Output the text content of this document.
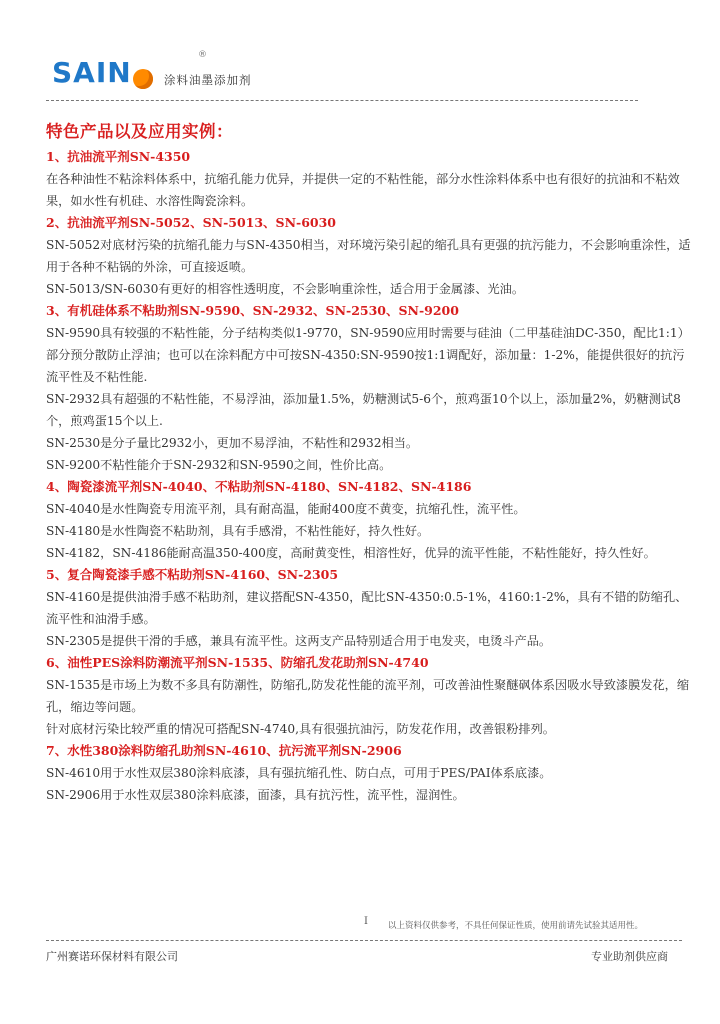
SAIN
®
涂料油墨添加剂
特色产品以及应用实例：
1、抗油流平剂SN-4350
在各种油性不粘涂料体系中，抗缩孔能力优异，并提供一定的不粘性能，部分水性涂料体系中也有很好的抗油和不粘效果，如水性有机硅、水溶性陶瓷涂料。
2、抗油流平剂SN-5052、SN-5013、SN-6030
SN-5052对底材污染的抗缩孔能力与SN-4350相当，对环境污染引起的缩孔具有更强的抗污能力，不会影响重涂性，适用于各种不粘锅的外涂，可直接返喷。
SN-5013/SN-6030有更好的相容性透明度，不会影响重涂性，适合用于金属漆、光油。
3、有机硅体系不粘助剂SN-9590、SN-2932、SN-2530、SN-9200
SN-9590具有较强的不粘性能，分子结构类似1-9770，SN-9590应用时需要与硅油（二甲基硅油DC-350，配比1:1）部分预分散防止浮油；也可以在涂料配方中可按SN-4350:SN-9590按1:1调配好，添加量：1-2%，能提供很好的抗污流平性及不粘性能.
SN-2932具有超强的不粘性能，不易浮油，添加量1.5%，奶糖测试5-6个，煎鸡蛋10个以上，添加量2%，奶糖测试8个，煎鸡蛋15个以上.
SN-2530是分子量比2932小，更加不易浮油，不粘性和2932相当。
SN-9200不粘性能介于SN-2932和SN-9590之间，性价比高。
4、陶瓷漆流平剂SN-4040、不粘助剂SN-4180、SN-4182、SN-4186
SN-4040是水性陶瓷专用流平剂，具有耐高温，能耐400度不黄变，抗缩孔性，流平性。
SN-4180是水性陶瓷不粘助剂，具有手感滑，不粘性能好，持久性好。
SN-4182，SN-4186能耐高温350-400度，高耐黄变性，相溶性好，优异的流平性能，不粘性能好，持久性好。
5、复合陶瓷漆手感不粘助剂SN-4160、SN-2305
SN-4160是提供油滑手感不粘助剂，建议搭配SN-4350，配比SN-4350:0.5-1%，4160:1-2%，具有不错的防缩孔、流平性和油滑手感。
SN-2305是提供干滑的手感，兼具有流平性。这两支产品特别适合用于电发夹，电烫斗产品。
6、油性PES涂料防潮流平剂SN-1535、防缩孔发花助剂SN-4740
SN-1535是市场上为数不多具有防潮性，防缩孔,防发花性能的流平剂，可改善油性聚醚砜体系因吸水导致漆膜发花，缩孔，缩边等问题。
针对底材污染比较严重的情况可搭配SN-4740,具有很强抗油污，防发花作用，改善银粉排列。
7、水性380涂料防缩孔助剂SN-4610、抗污流平剂SN-2906
SN-4610用于水性双层380涂料底漆，具有强抗缩孔性、防白点，可用于PES/PAI体系底漆。
SN-2906用于水性双层380涂料底漆，面漆，具有抗污性，流平性，湿润性。
I 以上资料仅供参考，不具任何保证性质，使用前请先试验其适用性。
广州赛诺环保材料有限公司	专业助剂供应商
